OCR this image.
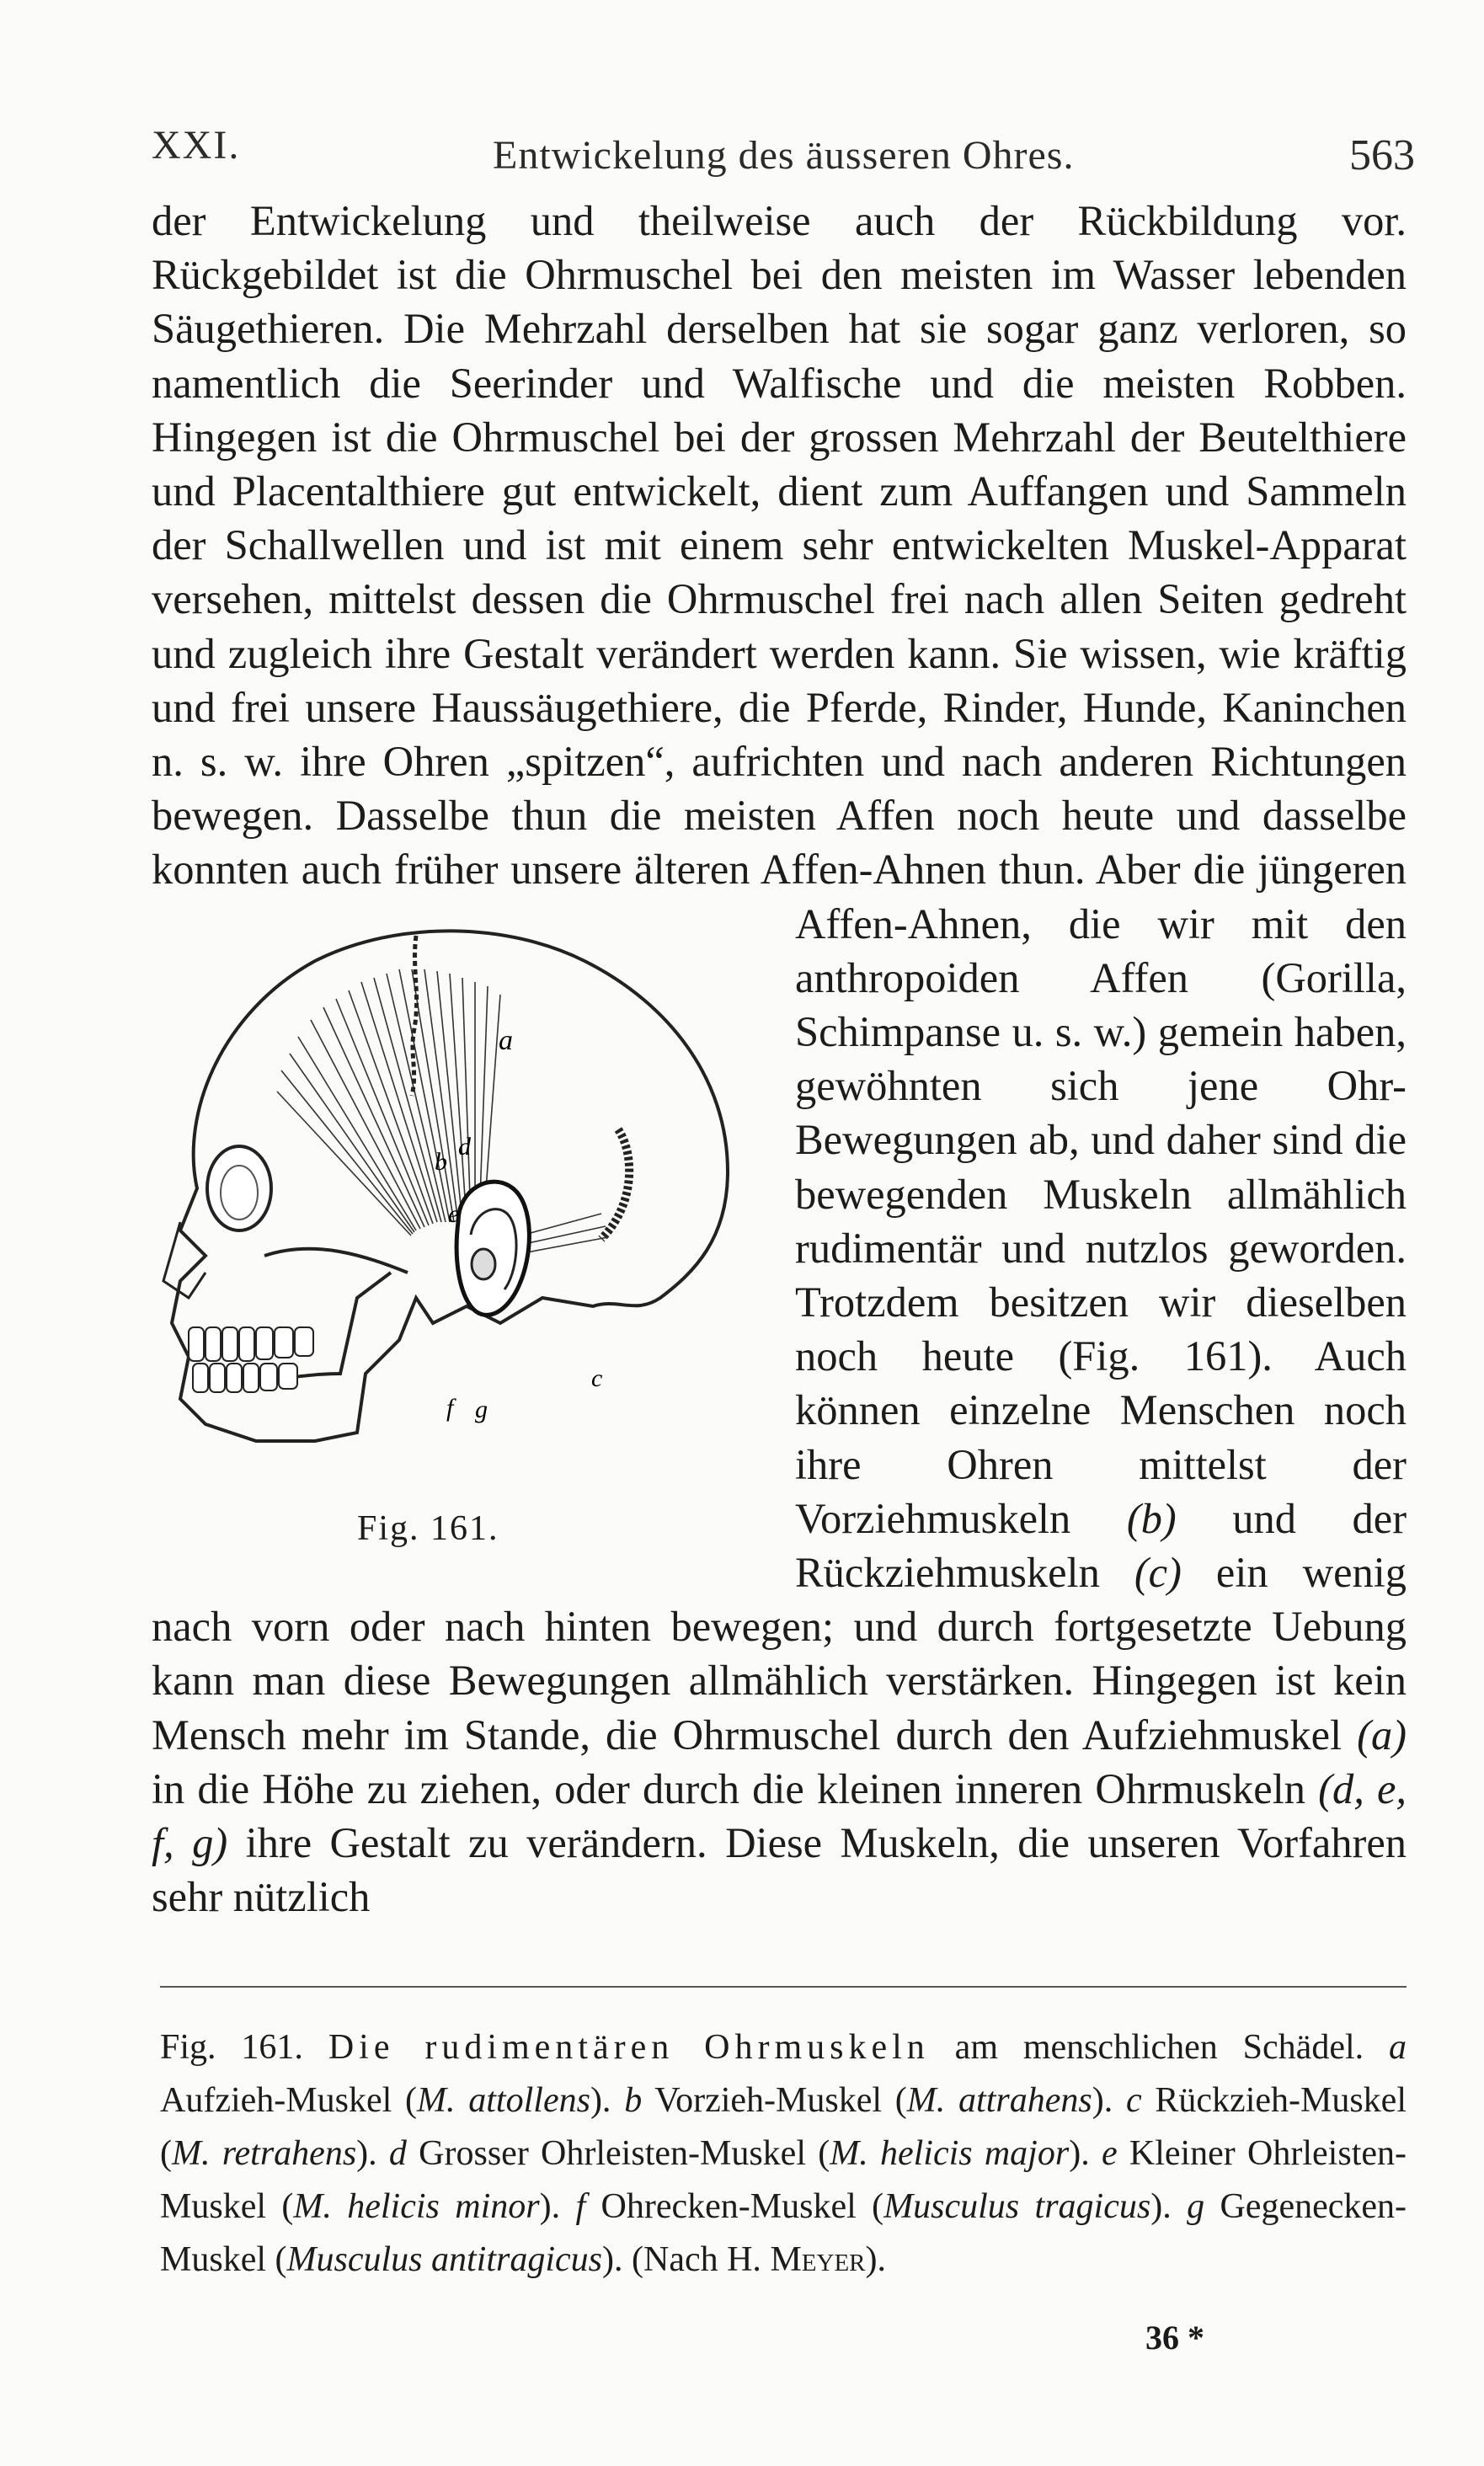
XXI.	Entwickelung des äusseren Ohres.	563
der Entwickelung und theilweise auch der Rückbildung vor. Rückgebildet ist die Ohrmuschel bei den meisten im Wasser lebenden Säugethieren. Die Mehrzahl derselben hat sie sogar ganz verloren, so namentlich die Seerinder und Walfische und die meisten Robben. Hingegen ist die Ohrmuschel bei der grossen Mehrzahl der Beutelthiere und Placentalthiere gut entwickelt, dient zum Auffangen und Sammeln der Schallwellen und ist mit einem sehr entwickelten Muskel-Apparat versehen, mittelst dessen die Ohrmuschel frei nach allen Seiten gedreht und zugleich ihre Gestalt verändert werden kann. Sie wissen, wie kräftig und frei unsere Haussäugethiere, die Pferde, Rinder, Hunde, Kaninchen n. s. w. ihre Ohren „spitzen“, aufrichten und nach anderen Richtungen bewegen. Dasselbe thun die meisten Affen noch heute und dasselbe konnten auch früher unsere älteren Affen-Ahnen thun. Aber die jüngeren Affen-Ahnen, die wir mit den
a
b
c
d
e
f g
Fig. 161.
anthropoiden Affen (Gorilla, Schimpanse u. s. w.) gemein haben, gewöhnten sich jene Ohr-Bewegungen ab, und daher sind die bewegenden Muskeln allmählich rudimentär und nutzlos geworden. Trotzdem besitzen wir dieselben noch heute (Fig. 161). Auch können einzelne Menschen noch ihre Ohren mittelst der Vorziehmuskeln (b) und der Rückziehmuskeln (c) ein wenig nach vorn oder nach hinten bewegen; und durch fortgesetzte Uebung kann man diese Bewegungen allmählich verstärken. Hingegen ist kein Mensch mehr im Stande, die Ohrmuschel durch den Aufziehmuskel (a) in die Höhe zu ziehen, oder durch die kleinen inneren Ohrmuskeln (d, e, f, g) ihre Gestalt zu verändern. Diese Muskeln, die unseren Vorfahren sehr nützlich
Fig. 161. Die rudimentären Ohrmuskeln am menschlichen Schädel. a Aufzieh-Muskel (M. attollens). b Vorzieh-Muskel (M. attrahens). c Rückzieh-Muskel (M. retrahens). d Grosser Ohrleisten-Muskel (M. helicis major). e Kleiner Ohrleisten-Muskel (M. helicis minor). f Ohrecken-Muskel (Musculus tragicus). g Gegenecken-Muskel (Musculus antitragicus). (Nach H. Meyer).
36 *
